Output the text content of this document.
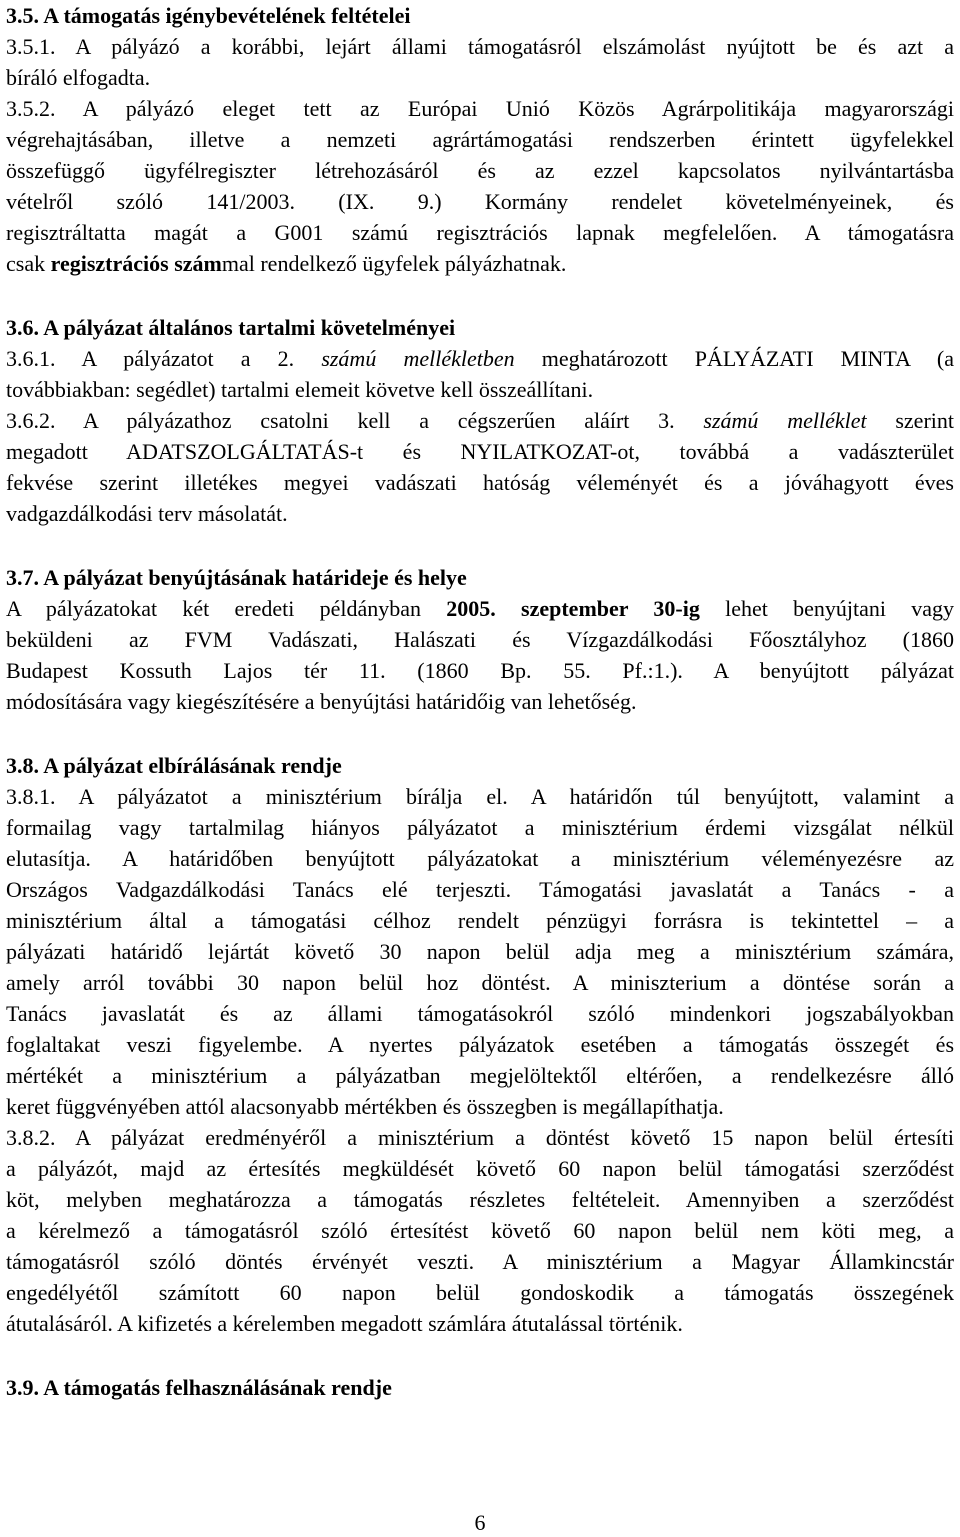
3.5. A támogatás igénybevételének feltételei
3.5.1. A pályázó a korábbi, lejárt állami támogatásról elszámolást nyújtott be és azt a
bíráló elfogadta.
3.5.2. A pályázó eleget tett az Európai Unió Közös Agrárpolitikája magyarországi
végrehajtásában, illetve a nemzeti agrártámogatási rendszerben érintett ügyfelekkel
összefüggő ügyfélregiszter létrehozásáról és az ezzel kapcsolatos nyilvántartásba
vételről szóló 141/2003. (IX. 9.) Kormány rendelet követelményeinek, és
regisztráltatta magát a G001 számú regisztrációs lapnak megfelelően. A támogatásra
csak regisztrációs számmal rendelkező ügyfelek pályázhatnak.
3.6. A pályázat általános tartalmi követelményei
3.6.1. A pályázatot a 2. számú mellékletben meghatározott PÁLYÁZATI MINTA (a
továbbiakban: segédlet) tartalmi elemeit követve kell összeállítani.
3.6.2. A pályázathoz csatolni kell a cégszerűen aláírt 3. számú melléklet szerint
megadott ADATSZOLGÁLTATÁS-t és NYILATKOZAT-ot, továbbá a vadászterület
fekvése szerint illetékes megyei vadászati hatóság véleményét és a jóváhagyott éves
vadgazdálkodási terv másolatát.
3.7. A pályázat benyújtásának határideje és helye
A pályázatokat két eredeti példányban 2005. szeptember 30-ig lehet benyújtani vagy
beküldeni az FVM Vadászati, Halászati és Vízgazdálkodási Főosztályhoz (1860
Budapest Kossuth Lajos tér 11. (1860 Bp. 55. Pf.:1.). A benyújtott pályázat
módosítására vagy kiegészítésére a benyújtási határidőig van lehetőség.
3.8. A pályázat elbírálásának rendje
3.8.1. A pályázatot a minisztérium bírálja el. A határidőn túl benyújtott, valamint a
formailag vagy tartalmilag hiányos pályázatot a minisztérium érdemi vizsgálat nélkül
elutasítja. A határidőben benyújtott pályázatokat a minisztérium véleményezésre az
Országos Vadgazdálkodási Tanács elé terjeszti. Támogatási javaslatát a Tanács - a
minisztérium által a támogatási célhoz rendelt pénzügyi forrásra is tekintettel – a
pályázati határidő lejártát követő 30 napon belül adja meg a minisztérium számára,
amely arról további 30 napon belül hoz döntést. A miniszterium a döntése során a
Tanács javaslatát és az állami támogatásokról szóló mindenkori jogszabályokban
foglaltakat veszi figyelembe. A nyertes pályázatok esetében a támogatás összegét és
mértékét a minisztérium a pályázatban megjelöltektől eltérően, a rendelkezésre álló
keret függvényében attól alacsonyabb mértékben és összegben is megállapíthatja.
3.8.2. A pályázat eredményéről a minisztérium a döntést követő 15 napon belül értesíti
a pályázót, majd az értesítés megküldését követő 60 napon belül támogatási szerződést
köt, melyben meghatározza a támogatás részletes feltételeit. Amennyiben a szerződést
a kérelmező a támogatásról szóló értesítést követő 60 napon belül nem köti meg, a
támogatásról szóló döntés érvényét veszti. A minisztérium a Magyar Államkincstár
engedélyétől számított 60 napon belül gondoskodik a támogatás összegének
átutalásáról. A kifizetés a kérelemben megadott számlára átutalással történik.
3.9. A támogatás felhasználásának rendje
6
